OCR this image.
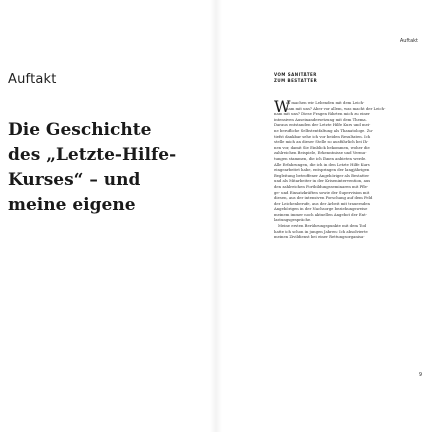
Auftakt
Die Geschichte
des „Letzte-Hilfe-
Kurses“ – und
meine eigene

Auftakt

VOM SANITÄTER
ZUM BESTATTER

W

as machen wir Lebenden mit dem Leich-
nam mit uns? Aber vor allem, was macht der Leich-
nam mit uns? Diese Fragen führten mich zu einer
intensiven Auseinandersetzung mit dem Thema.
Daraus entstanden der Letzte Hilfe Kurs und mei-
ne berufliche Selbstentfaltung als Thanatologe. Zu-
tiefst dankbar sehe ich vor beiden Resultaten. Ich
stelle mich an dieser Stelle so ausführlich bei Ih-
nen vor, damit Sie Einblick bekommen, woher die
zahlreichen Beispiele, Erkenntnisse und Vermu-
tungen stammen, die ich Ihnen anbieten werde.
Alle Erfahrungen, die ich in den Letzte Hilfe Kurs
eingearbeitet habe, entspringen der langjährigen
Begleitung betroffener Angehöriger als Bestatter
und als Mitarbeiter in der Krisenintervention, aus
den zahlreichen Fortbildungsseminaren mit Pfle-
ge- und Einsatzkräften sowie der Supervision mit
diesen, aus der intensiven Forschung auf dem Feld
der Leichenberufe, aus der Arbeit mit trauernden
Angehörigen in der Nachsorge beziehungsweise
meinem immer noch aktuellen Angebot der Ent-
lastungsgespräche.
Meine ersten Berührungspunkte mit dem Tod
hatte ich schon in jungen Jahren: Ich absolvierte
meinen Zivildienst bei einer Rettungsorganisa-

9
